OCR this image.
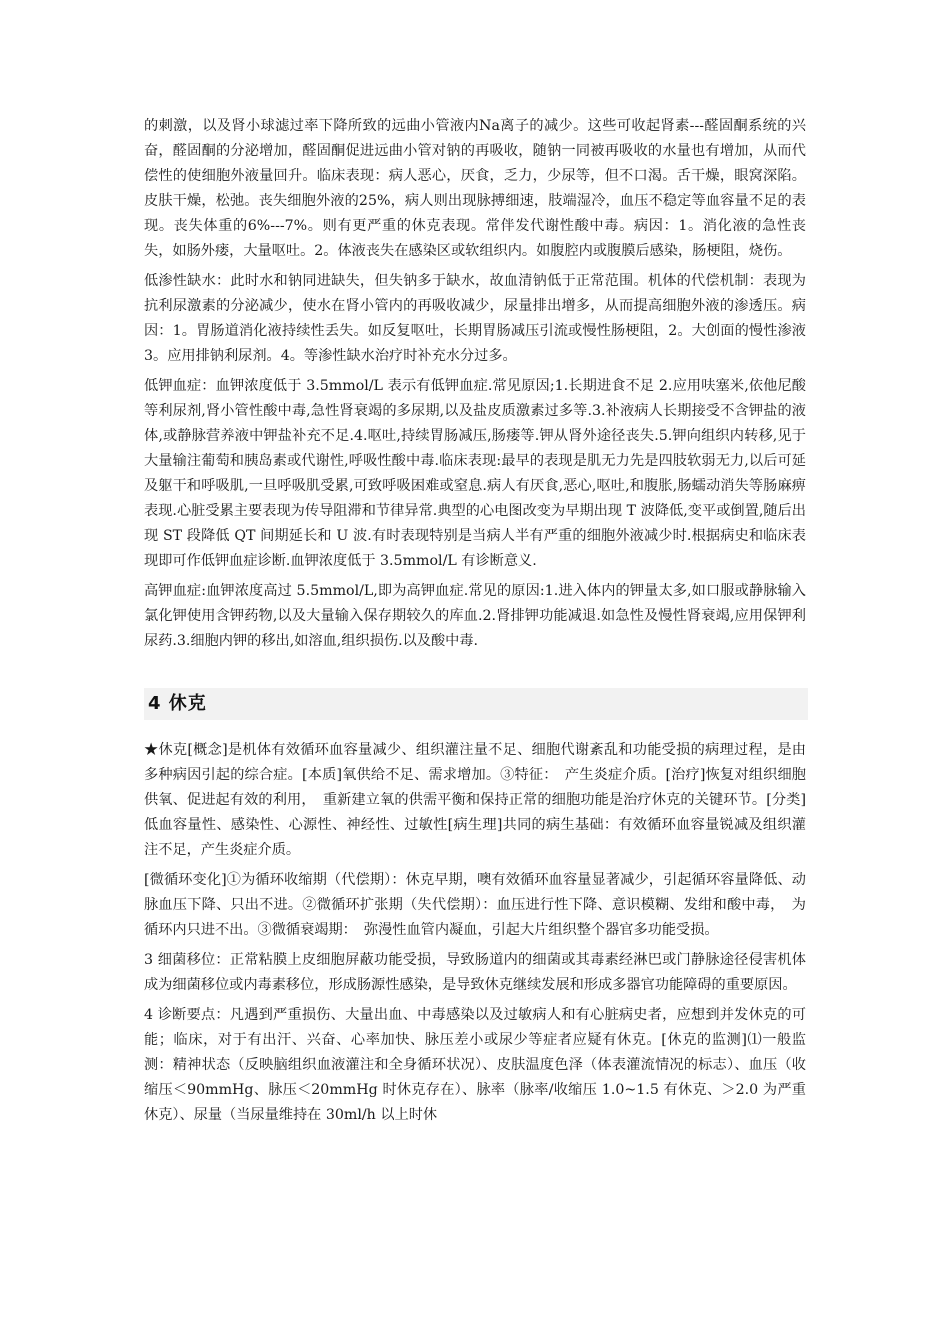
的刺激，以及肾小球滤过率下降所致的远曲小管液内Na离子的减少。这些可收起肾素---醛固酮系统的兴奋，醛固酮的分泌增加，醛固酮促进远曲小管对钠的再吸收，随钠一同被再吸收的水量也有增加，从而代偿性的使细胞外液量回升。临床表现：病人恶心，厌食，乏力，少尿等，但不口渴。舌干燥，眼窝深陷。皮肤干燥，松弛。丧失细胞外液的25%，病人则出现脉搏细速，肢端湿冷，血压不稳定等血容量不足的表现。丧失体重的6%---7%。则有更严重的休克表现。常伴发代谢性酸中毒。病因：1。消化液的急性丧失，如肠外瘘，大量呕吐。2。体液丧失在感染区或软组织内。如腹腔内或腹膜后感染，肠梗阻，烧伤。

低渗性缺水：此时水和钠同进缺失，但失钠多于缺水，故血清钠低于正常范围。机体的代偿机制：表现为抗利尿激素的分泌减少，使水在肾小管内的再吸收减少，尿量排出增多，从而提高细胞外液的渗透压。病因：1。胃肠道消化液持续性丢失。如反复呕吐，长期胃肠减压引流或慢性肠梗阻，2。大创面的慢性渗液3。应用排钠利尿剂。4。等渗性缺水治疗时补充水分过多。

低钾血症：血钾浓度低于 3.5mmol/L 表示有低钾血症.常见原因;1.长期进食不足 2.应用呋塞米,依他尼酸等利尿剂,肾小管性酸中毒,急性肾衰竭的多尿期,以及盐皮质激素过多等.3.补液病人长期接受不含钾盐的液体,或静脉营养液中钾盐补充不足.4.呕吐,持续胃肠减压,肠瘘等.钾从肾外途径丧失.5.钾向组织内转移,见于大量输注葡萄和胰岛素或代谢性,呼吸性酸中毒.临床表现:最早的表现是肌无力先是四肢软弱无力,以后可延及躯干和呼吸肌,一旦呼吸肌受累,可致呼吸困难或窒息.病人有厌食,恶心,呕吐,和腹胀,肠蠕动消失等肠麻痹表现.心脏受累主要表现为传导阻滞和节律异常.典型的心电图改变为早期出现 T 波降低,变平或倒置,随后出现 ST 段降低 QT 间期延长和 U 波.有时表现特别是当病人半有严重的细胞外液减少时.根据病史和临床表现即可作低钾血症诊断.血钾浓度低于 3.5mmol/L 有诊断意义.

高钾血症:血钾浓度高过 5.5mmol/L,即为高钾血症.常见的原因:1.进入体内的钾量太多,如口服或静脉输入氯化钾使用含钾药物,以及大量输入保存期较久的库血.2.肾排钾功能减退.如急性及慢性肾衰竭,应用保钾利尿药.3.细胞内钾的移出,如溶血,组织损伤.以及酸中毒.

4 休克

★休克[概念]是机体有效循环血容量减少、组织灌注量不足、细胞代谢紊乱和功能受损的病理过程，是由多种病因引起的综合症。[本质]氧供给不足、需求增加。③特征：　产生炎症介质。[治疗]恢复对组织细胞供氧、促进起有效的利用，　重新建立氧的供需平衡和保持正常的细胞功能是治疗休克的关键环节。[分类]低血容量性、感染性、心源性、神经性、过敏性[病生理]共同的病生基础：有效循环血容量锐减及组织灌注不足，产生炎症介质。

[微循环变化]①为循环收缩期（代偿期）：休克早期，噢有效循环血容量显著减少，引起循环容量降低、动脉血压下降、只出不进。②微循环扩张期（失代偿期）：血压进行性下降、意识模糊、发绀和酸中毒，　为循环内只进不出。③微循衰竭期：　弥漫性血管内凝血，引起大片组织整个器官多功能受损。

3 细菌移位：正常粘膜上皮细胞屏蔽功能受损，导致肠道内的细菌或其毒素经淋巴或门静脉途径侵害机体成为细菌移位或内毒素移位，形成肠源性感染，是导致休克继续发展和形成多器官功能障碍的重要原因。

4 诊断要点：凡遇到严重损伤、大量出血、中毒感染以及过敏病人和有心脏病史者，应想到并发休克的可能；临床，对于有出汗、兴奋、心率加快、脉压差小或尿少等症者应疑有休克。[休克的监测]⑴一般监测：精神状态（反映脑组织血液灌注和全身循环状况）、皮肤温度色泽（体表灌流情况的标志）、血压（收缩压＜90mmHg、脉压＜20mmHg 时休克存在）、脉率（脉率/收缩压 1.0~1.5 有休克、＞2.0 为严重休克）、尿量（当尿量维持在 30ml/h 以上时休
